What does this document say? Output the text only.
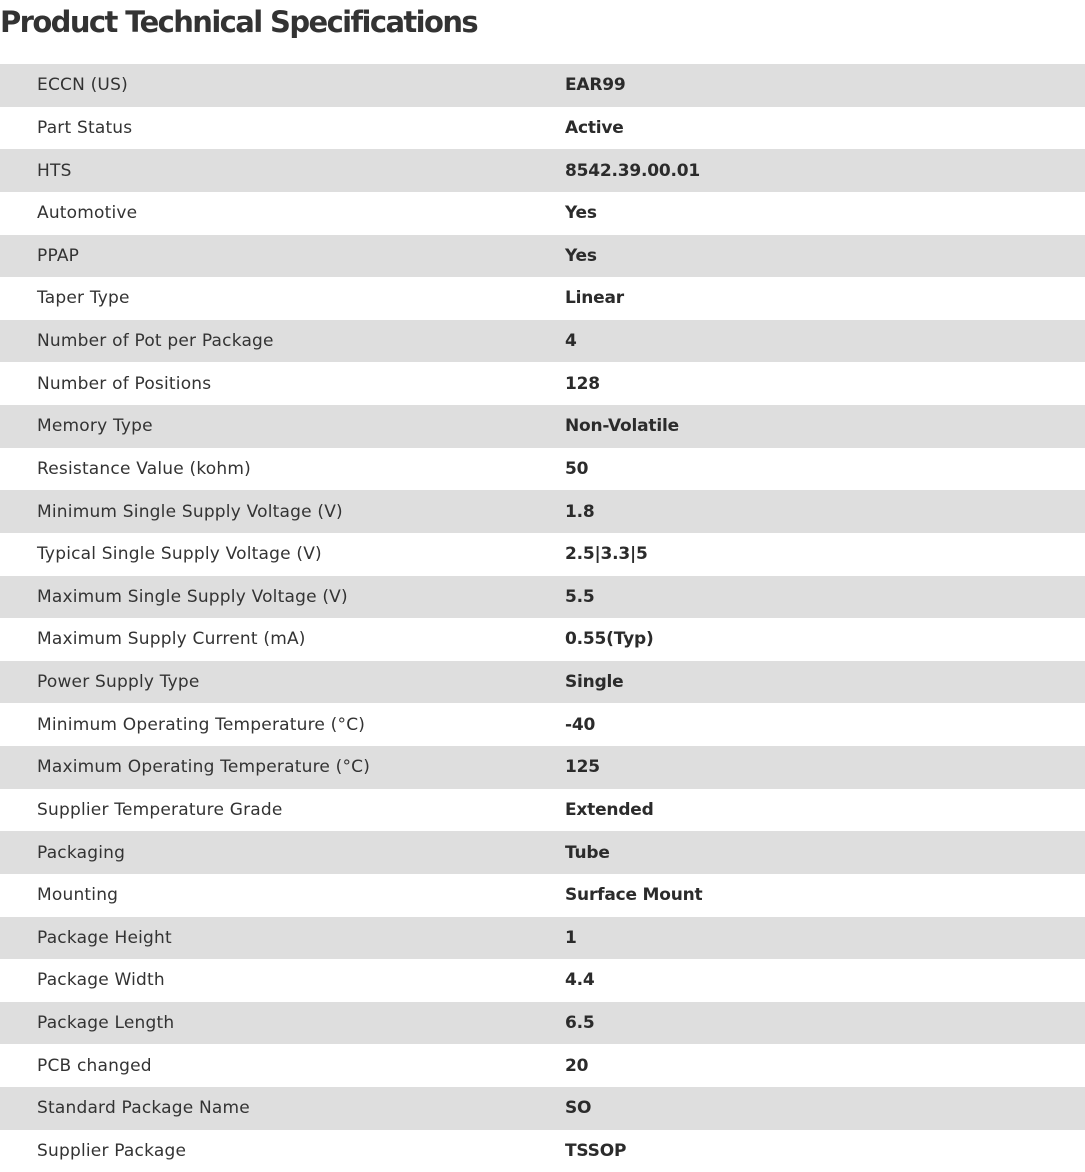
Product Technical Specifications
ECCN (US)	EAR99
Part Status	Active
HTS	8542.39.00.01
Automotive	Yes
PPAP	Yes
Taper Type	Linear
Number of Pot per Package	4
Number of Positions	128
Memory Type	Non-Volatile
Resistance Value (kohm)	50
Minimum Single Supply Voltage (V)	1.8
Typical Single Supply Voltage (V)	2.5|3.3|5
Maximum Single Supply Voltage (V)	5.5
Maximum Supply Current (mA)	0.55(Typ)
Power Supply Type	Single
Minimum Operating Temperature (°C)	-40
Maximum Operating Temperature (°C)	125
Supplier Temperature Grade	Extended
Packaging	Tube
Mounting	Surface Mount
Package Height	1
Package Width	4.4
Package Length	6.5
PCB changed	20
Standard Package Name	SO
Supplier Package	TSSOP
